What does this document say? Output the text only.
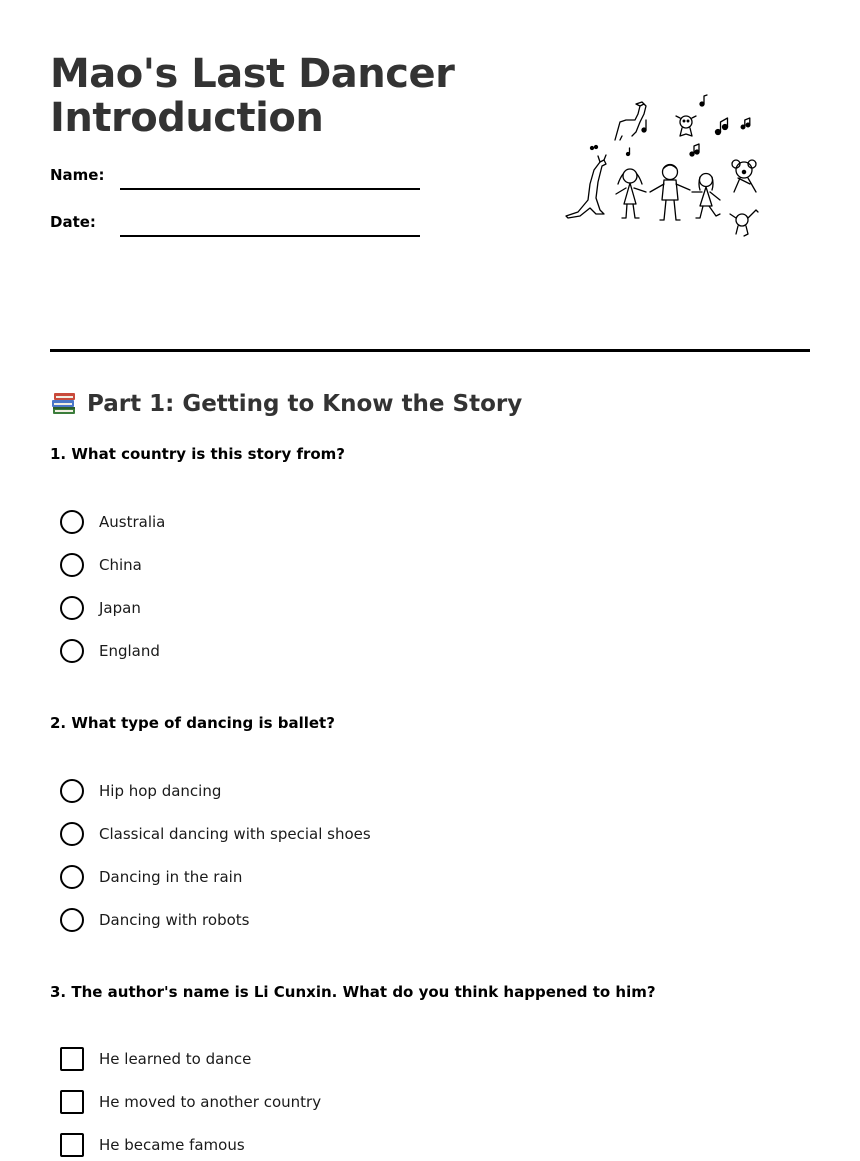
Mao's Last Dancer
Introduction
Name:
Date:
Part 1: Getting to Know the Story

1. What country is this story from?

Australia
China
Japan
England

2. What type of dancing is ballet?

Hip hop dancing
Classical dancing with special shoes
Dancing in the rain
Dancing with robots

3. The author's name is Li Cunxin. What do you think happened to him?

He learned to dance
He moved to another country
He became famous
